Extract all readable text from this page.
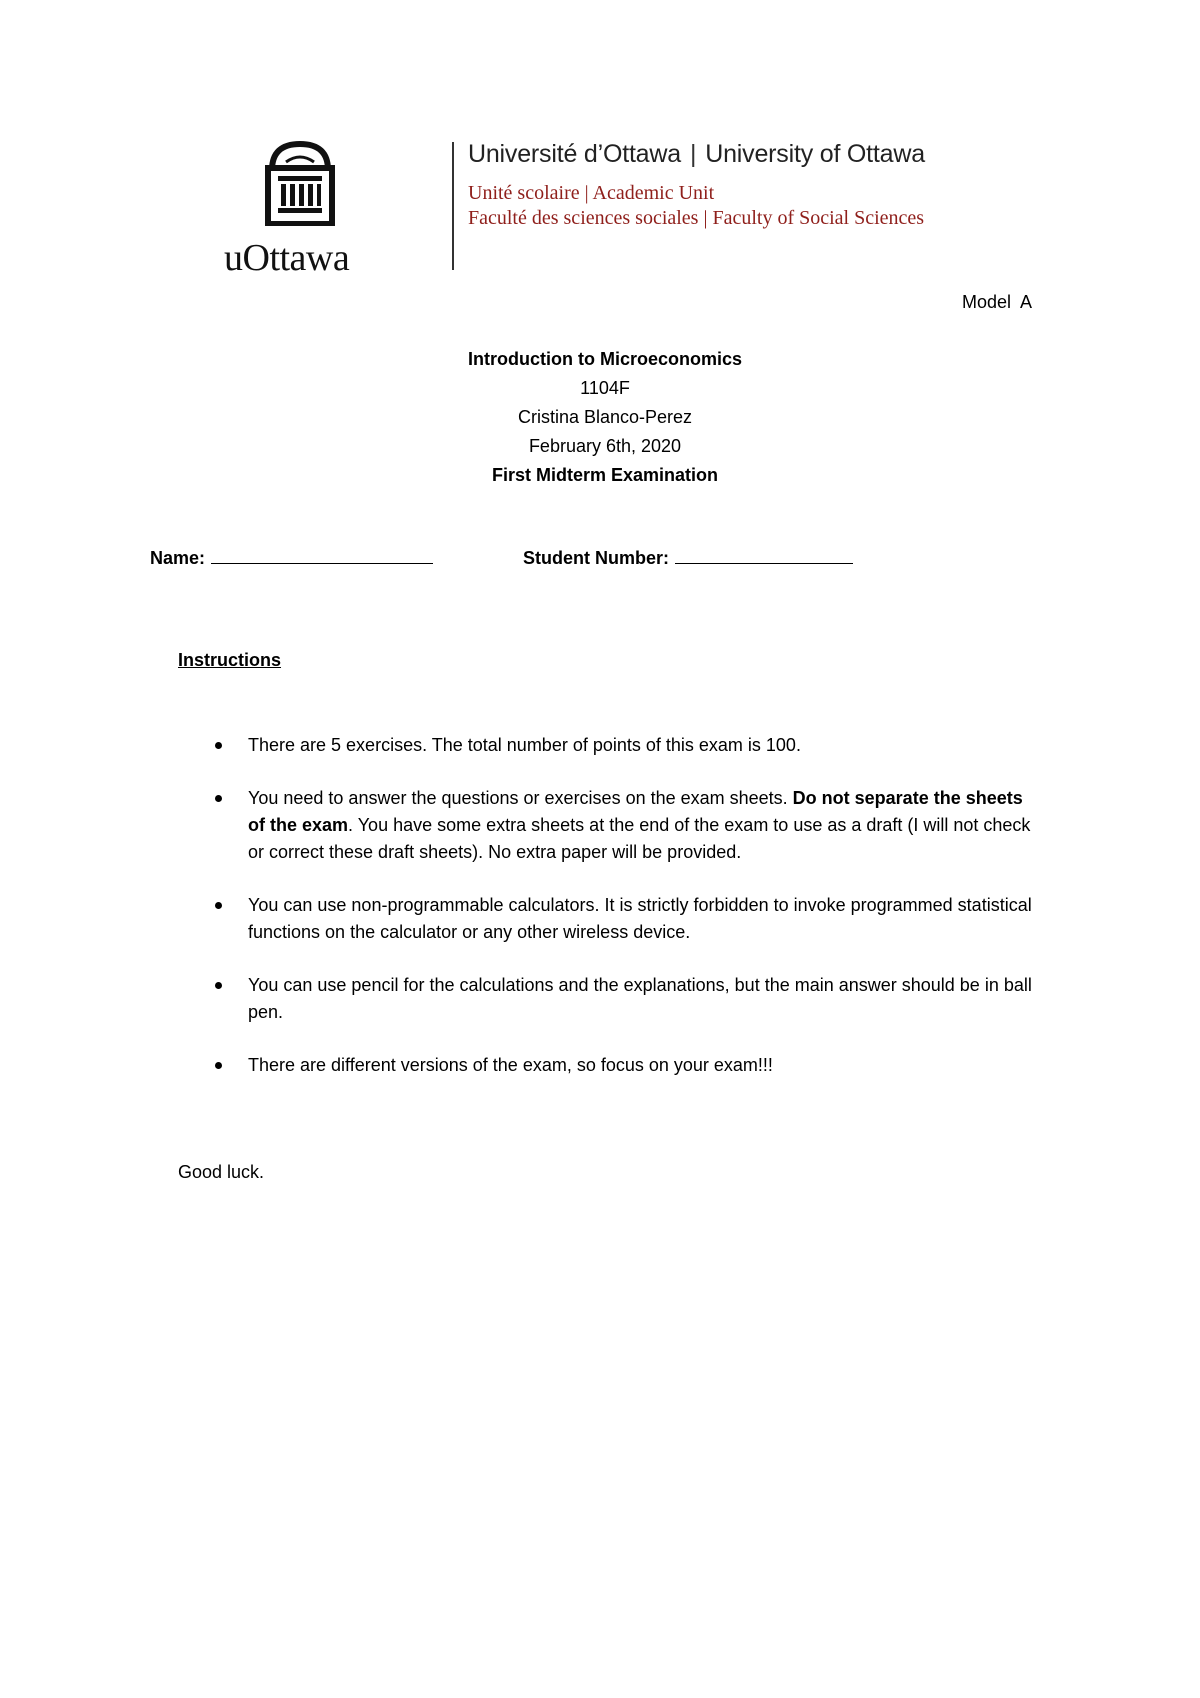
uOttawa
Université d’Ottawa | University of Ottawa
Unité scolaire | Academic Unit
Faculté des sciences sociales | Faculty of Social Sciences
Model A
Introduction to Microeconomics
1104F
Cristina Blanco-Perez
February 6th, 2020
First Midterm Examination
Name:	Student Number:
Instructions
There are 5 exercises. The total number of points of this exam is 100.
You need to answer the questions or exercises on the exam sheets. Do not separate the sheets of the exam. You have some extra sheets at the end of the exam to use as a draft (I will not check or correct these draft sheets). No extra paper will be provided.
You can use non-programmable calculators. It is strictly forbidden to invoke programmed statistical functions on the calculator or any other wireless device.
You can use pencil for the calculations and the explanations, but the main answer should be in ball pen.
There are different versions of the exam, so focus on your exam!!!
Good luck.
